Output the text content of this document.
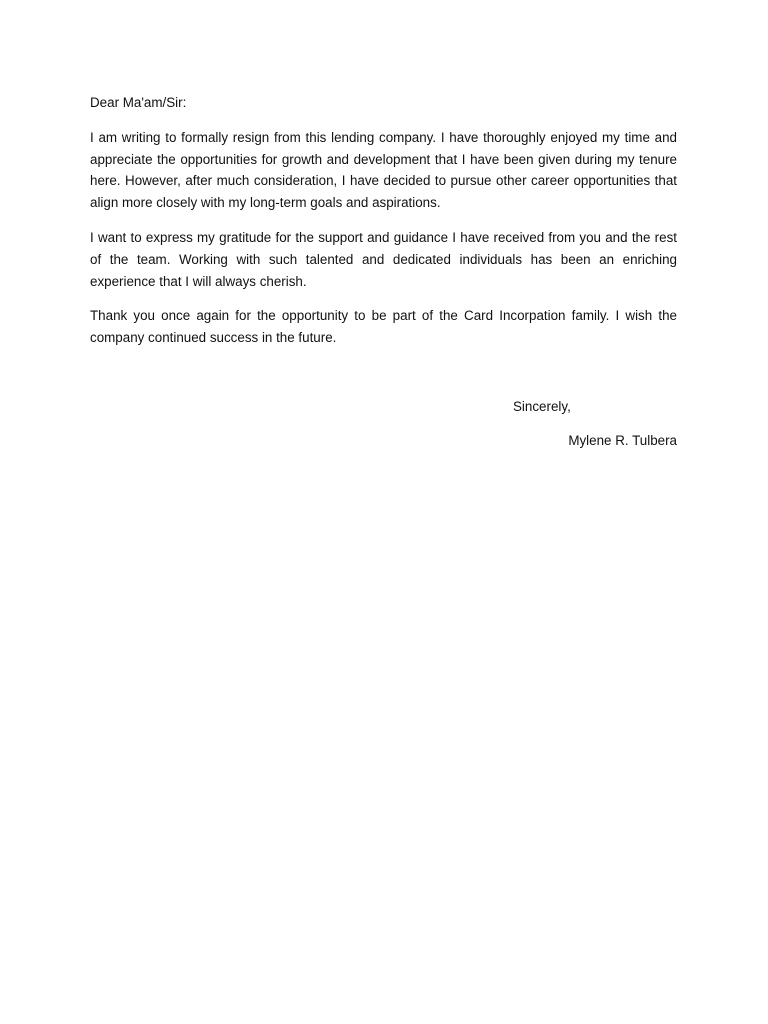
Dear Ma'am/Sir:

I am writing to formally resign from this lending company. I have thoroughly enjoyed my time and appreciate the opportunities for growth and development that I have been given during my tenure here. However, after much consideration, I have decided to pursue other career opportunities that align more closely with my long-term goals and aspirations.

I want to express my gratitude for the support and guidance I have received from you and the rest of the team. Working with such talented and dedicated individuals has been an enriching experience that I will always cherish.

Thank you once again for the opportunity to be part of the Card Incorpation family. I wish the company continued success in the future.

Sincerely,
Mylene R. Tulbera
